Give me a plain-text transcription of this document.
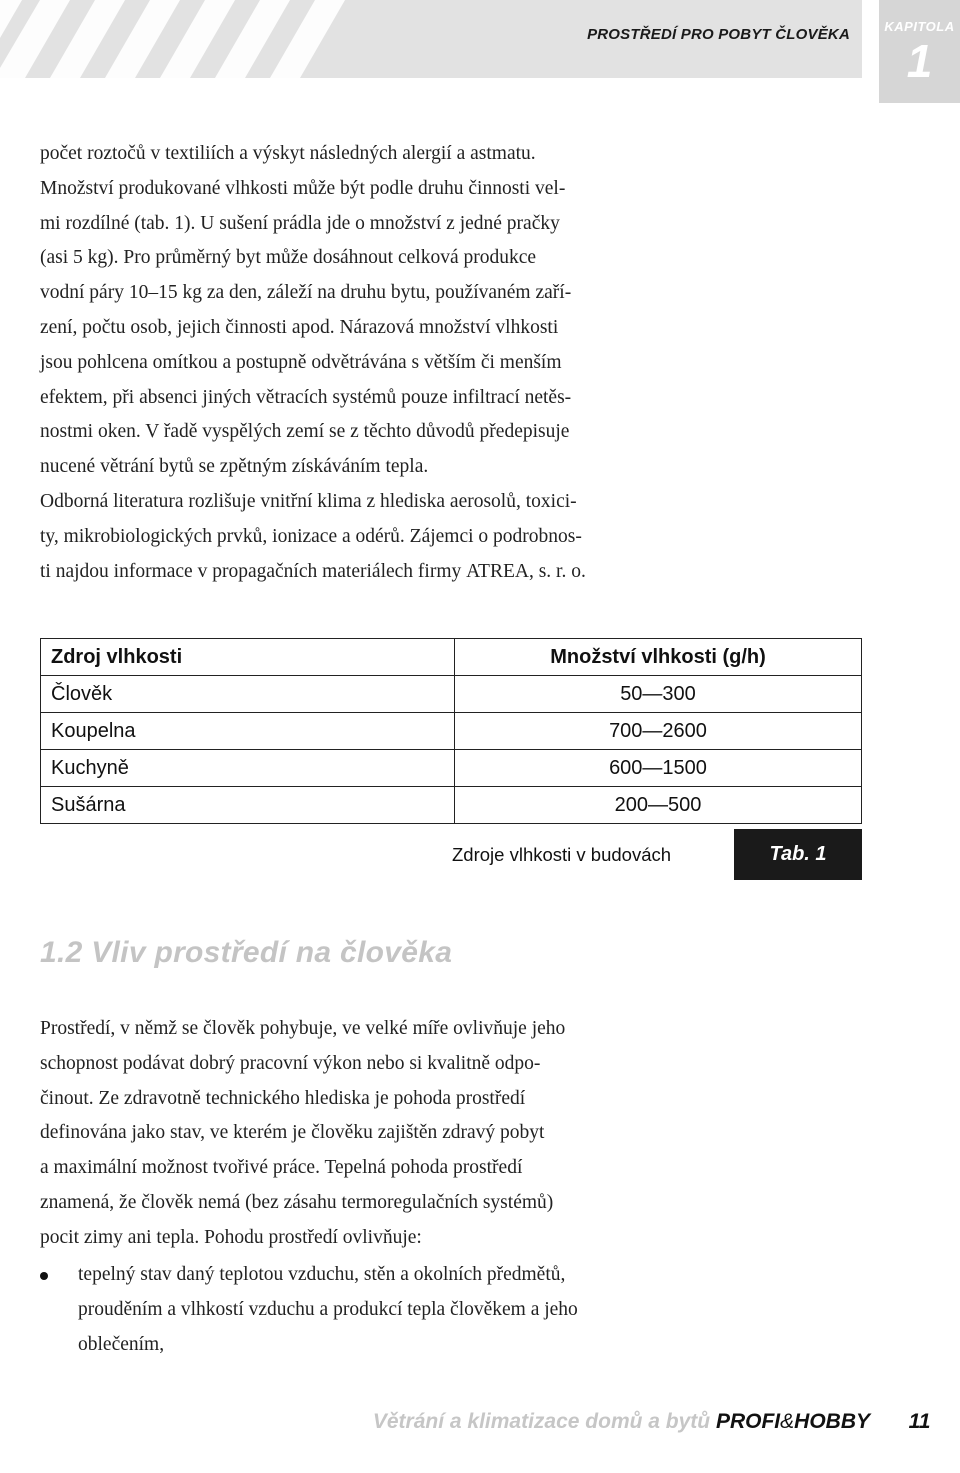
PROSTŘEDÍ PRO POBYT ČLOVĚKA	KAPITOLA
1

počet roztočů v textiliích a výskyt následných alergií a astmatu.
Množství produkované vlhkosti může být podle druhu činnosti vel-
mi rozdílné (tab. 1). U sušení prádla jde o množství z jedné pračky
(asi 5 kg). Pro průměrný byt může dosáhnout celková produkce
vodní páry 10–15 kg za den, záleží na druhu bytu, používaném zaří-
zení, počtu osob, jejich činnosti apod. Nárazová množství vlhkosti
jsou pohlcena omítkou a postupně odvětrávána s větším či menším
efektem, při absenci jiných větracích systémů pouze infiltrací netěs-
nostmi oken. V řadě vyspělých zemí se z těchto důvodů předepisuje
nucené větrání bytů se zpětným získáváním tepla.
Odborná literatura rozlišuje vnitřní klima z hlediska aerosolů, toxici-
ty, mikrobiologických prvků, ionizace a odérů. Zájemci o podrobnos-
ti najdou informace v propagačních materiálech firmy ATREA, s. r. o.

Zdroj vlhkosti	Množství vlhkosti (g/h)
Člověk	50—300
Koupelna	700—2600
Kuchyně	600—1500
Sušárna	200—500
Zdroje vlhkosti v budovách	Tab. 1
1.2 Vliv prostředí na člověka

Prostředí, v němž se člověk pohybuje, ve velké míře ovlivňuje jeho
schopnost podávat dobrý pracovní výkon nebo si kvalitně odpo-
činout. Ze zdravotně technického hlediska je pohoda prostředí
definována jako stav, ve kterém je člověku zajištěn zdravý pobyt
a maximální možnost tvořivé práce. Tepelná pohoda prostředí
znamená, že člověk nemá (bez zásahu termoregulačních systémů)
pocit zimy ani tepla. Pohodu prostředí ovlivňuje:

tepelný stav daný teplotou vzduchu, stěn a okolních předmětů,
prouděním a vlhkostí vzduchu a produkcí tepla člověkem a jeho
oblečením,
Větrání a klimatizace domů a bytů PROFI&HOBBY	11
